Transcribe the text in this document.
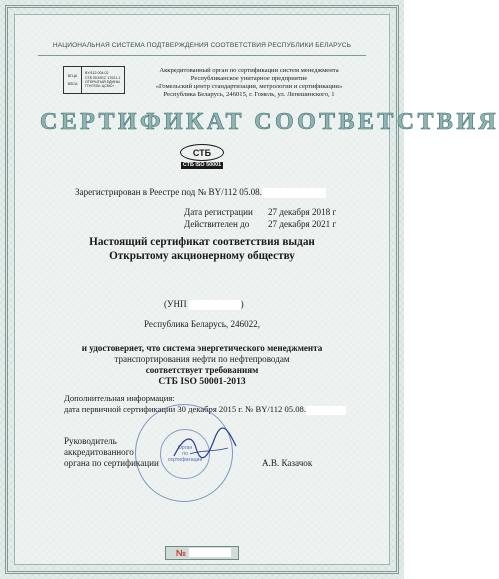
НАЦИОНАЛЬНАЯ СИСТЕМА ПОДТВЕРЖДЕНИЯ СООТВЕТСТВИЯ РЕСПУБЛИКИ БЕЛАРУСЬ
БГЦА
BSCA
BY/112 004.02
СТБ ISO/IEC 17021-1
ОТКРЫТЫЙ ЕДИНЫ
ГП«ГЕЛЬ ЦСМС»
Аккредитованный орган по сертификации систем менеджмента
Республиканское унитарное предприятие
«Гомельский центр стандартизации, метрологии и сертификации»
Республика Беларусь, 246015, г. Гомель, ул. Лепешинского, 1
СЕРТИФИКАТ СООТВЕТСТВИЯ
СТБ
СТБ ISO 50001
Зарегистрирован в Реестре под № BY/112 05.08.
Дата регистрации 27 декабря 2018 г
Действителен до 27 декабря 2021 г
Настоящий сертификат соответствия выдан
Открытому акционерному обществу
(УНП	)
Республика Беларусь, 246022,
и удостоверяет, что система энергетического менеджмента
транспортирования нефти по нефтепроводам
соответствует требованиям
СТБ ISO 50001-2013
Дополнительная информация:
дата первичной сертификации 30 декабря 2015 г. № BY/112 05.08.
Орган
по
сертификации
Руководитель
аккредитованного
органа по сертификации	А.В. Казачок
№
